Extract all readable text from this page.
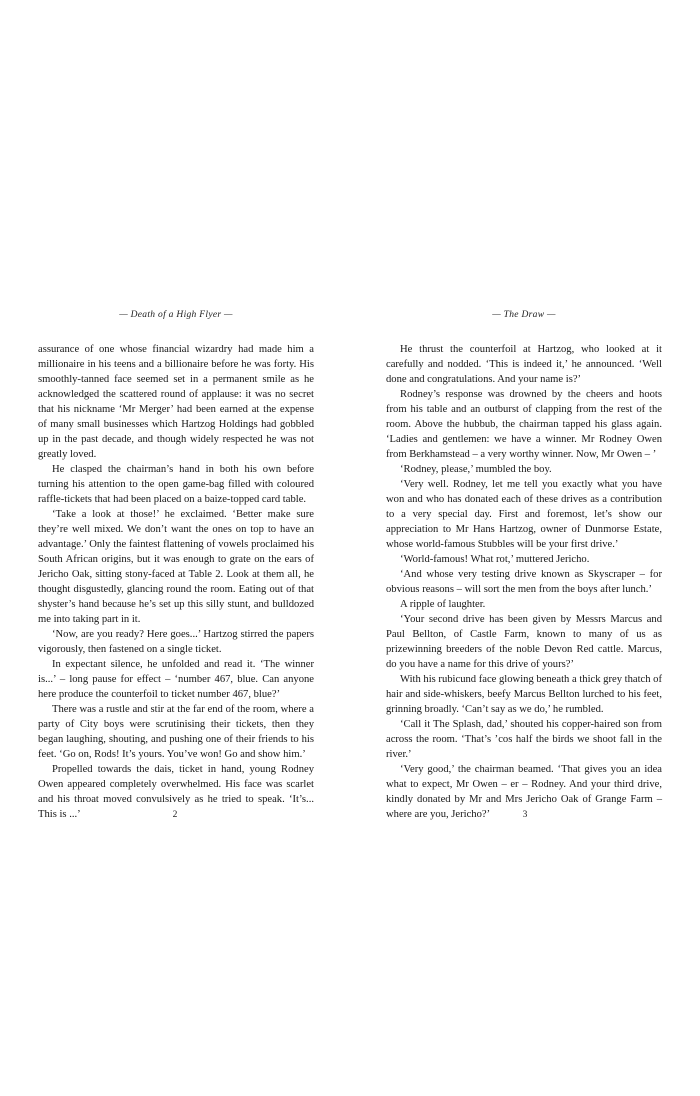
— Death of a High Flyer —

assurance of one whose financial wizardry had made him a millionaire in his teens and a billionaire before he was forty. His smoothly-tanned face seemed set in a permanent smile as he acknowledged the scattered round of applause: it was no secret that his nickname ‘Mr Merger’ had been earned at the expense of many small businesses which Hartzog Holdings had gobbled up in the past decade, and though widely respected he was not greatly loved.

He clasped the chairman’s hand in both his own before turning his attention to the open game-bag filled with coloured raffle-tickets that had been placed on a baize-topped card table.

‘Take a look at those!’ he exclaimed. ‘Better make sure they’re well mixed. We don’t want the ones on top to have an advantage.’ Only the faintest flattening of vowels proclaimed his South African origins, but it was enough to grate on the ears of Jericho Oak, sitting stony-faced at Table 2. Look at them all, he thought disgustedly, glancing round the room. Eating out of that shyster’s hand because he’s set up this silly stunt, and bulldozed me into taking part in it.

‘Now, are you ready? Here goes...’ Hartzog stirred the papers vigorously, then fastened on a single ticket.

In expectant silence, he unfolded and read it. ‘The winner is...’ – long pause for effect – ‘number 467, blue. Can anyone here produce the counterfoil to ticket number 467, blue?’

There was a rustle and stir at the far end of the room, where a party of City boys were scrutinising their tickets, then they began laughing, shouting, and pushing one of their friends to his feet. ‘Go on, Rods! It’s yours. You’ve won! Go and show him.’

Propelled towards the dais, ticket in hand, young Rodney Owen appeared completely overwhelmed. His face was scarlet and his throat moved convulsively as he tried to speak. ‘It’s... This is ...’	2
— The Draw —

He thrust the counterfoil at Hartzog, who looked at it carefully and nodded. ‘This is indeed it,’ he announced. ‘Well done and congratulations. And your name is?’

Rodney’s response was drowned by the cheers and hoots from his table and an outburst of clapping from the rest of the room. Above the hubbub, the chairman tapped his glass again. ‘Ladies and gentlemen: we have a winner. Mr Rodney Owen from Berkhamstead – a very worthy winner. Now, Mr Owen – ’

‘Rodney, please,’ mumbled the boy.

‘Very well. Rodney, let me tell you exactly what you have won and who has donated each of these drives as a contribution to a very special day. First and foremost, let’s show our appreciation to Mr Hans Hartzog, owner of Dunmorse Estate, whose world-famous Stubbles will be your first drive.’

‘World-famous! What rot,’ muttered Jericho.

‘And whose very testing drive known as Skyscraper – for obvious reasons – will sort the men from the boys after lunch.’

A ripple of laughter.

‘Your second drive has been given by Messrs Marcus and Paul Bellton, of Castle Farm, known to many of us as prizewinning breeders of the noble Devon Red cattle. Marcus, do you have a name for this drive of yours?’

With his rubicund face glowing beneath a thick grey thatch of hair and side-whiskers, beefy Marcus Bellton lurched to his feet, grinning broadly. ‘Can’t say as we do,’ he rumbled.

‘Call it The Splash, dad,’ shouted his copper-haired son from across the room. ‘That’s ’cos half the birds we shoot fall in the river.’

‘Very good,’ the chairman beamed. ‘That gives you an idea what to expect, Mr Owen – er – Rodney. And your third drive, kindly donated by Mr and Mrs Jericho Oak of Grange Farm – where are you, Jericho?’	3
